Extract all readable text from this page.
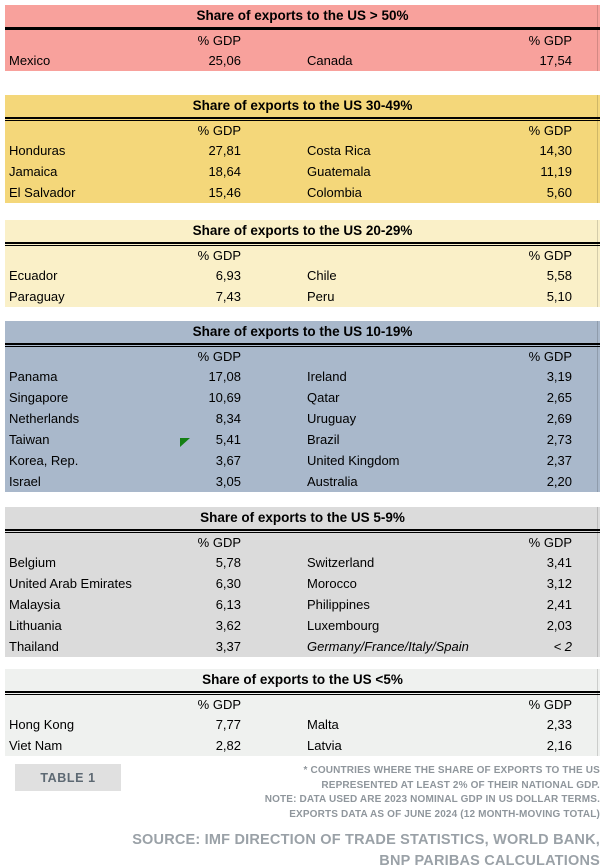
Share of exports to the US > 50%
% GDP	% GDP
Mexico	25,06	Canada	17,54
Share of exports to the US 30-49%
% GDP	% GDP
Honduras	27,81	Costa Rica	14,30
Jamaica	18,64	Guatemala	11,19
El Salvador	15,46	Colombia	5,60
Share of exports to the US 20-29%
% GDP	% GDP
Ecuador	6,93	Chile	5,58
Paraguay	7,43	Peru	5,10
Share of exports to the US 10-19%
% GDP	% GDP
Panama	17,08	Ireland	3,19
Singapore	10,69	Qatar	2,65
Netherlands	8,34	Uruguay	2,69
Taiwan	5,41	Brazil	2,73
Korea, Rep.	3,67	United Kingdom	2,37
Israel	3,05	Australia	2,20
Share of exports to the US 5-9%
% GDP	% GDP
Belgium	5,78	Switzerland	3,41
United Arab Emirates	6,30	Morocco	3,12
Malaysia	6,13	Philippines	2,41
Lithuania	3,62	Luxembourg	2,03
Thailand	3,37	Germany/France/Italy/Spain	< 2
Share of exports to the US <5%
% GDP	% GDP
Hong Kong	7,77	Malta	2,33
Viet Nam	2,82	Latvia	2,16
TABLE 1	* COUNTRIES WHERE THE SHARE OF EXPORTS TO THE US
REPRESENTED AT LEAST 2% OF THEIR NATIONAL GDP.
NOTE: DATA USED ARE 2023 NOMINAL GDP IN US DOLLAR TERMS.
EXPORTS DATA AS OF JUNE 2024 (12 MONTH-MOVING TOTAL)
SOURCE: IMF DIRECTION OF TRADE STATISTICS, WORLD BANK,
BNP PARIBAS CALCULATIONS
